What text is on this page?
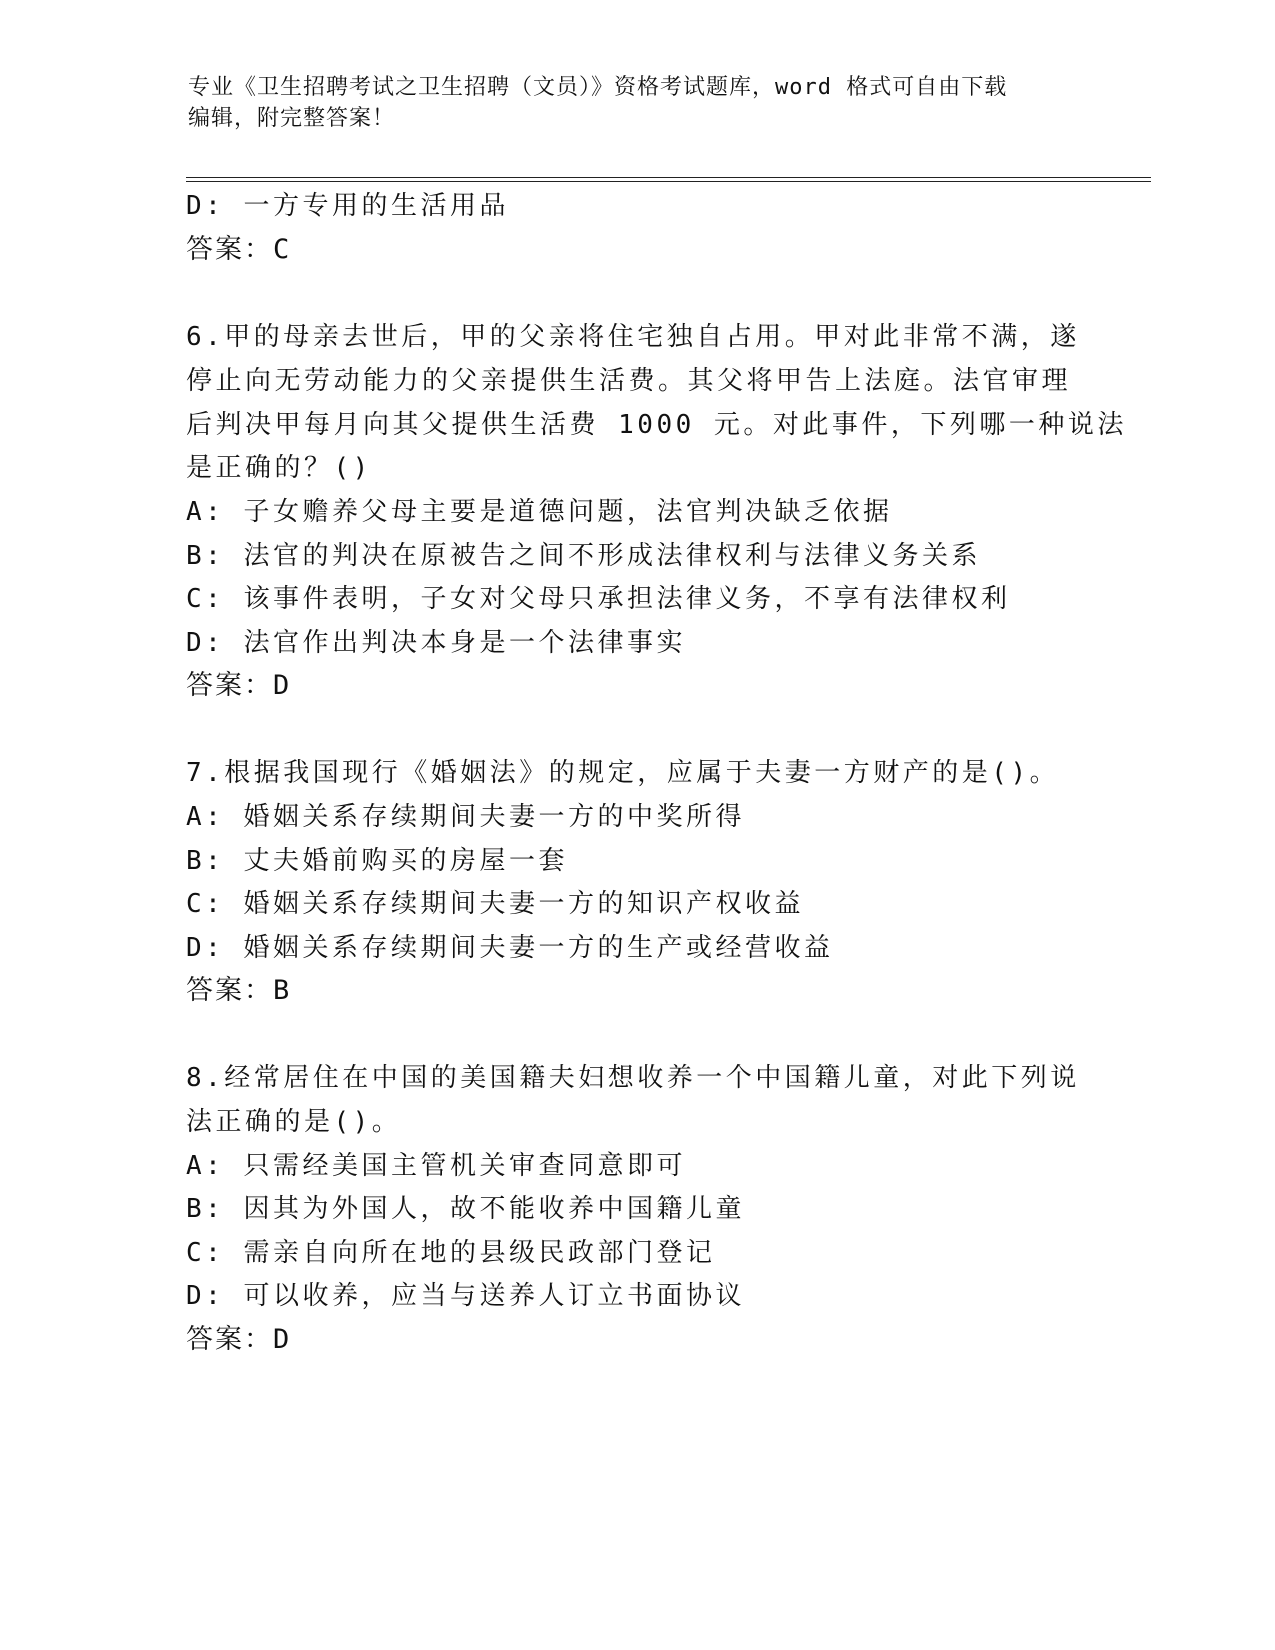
专业《卫生招聘考试之卫生招聘（文员）》资格考试题库，word 格式可自由下载
编辑，附完整答案！
D: 一方专用的生活用品
答案：C
6.甲的母亲去世后，甲的父亲将住宅独自占用。甲对此非常不满，遂
停止向无劳动能力的父亲提供生活费。其父将甲告上法庭。法官审理
后判决甲每月向其父提供生活费 1000 元。对此事件，下列哪一种说法
是正确的？()
A: 子女赡养父母主要是道德问题，法官判决缺乏依据
B: 法官的判决在原被告之间不形成法律权利与法律义务关系
C: 该事件表明，子女对父母只承担法律义务，不享有法律权利
D: 法官作出判决本身是一个法律事实
答案：D
7.根据我国现行《婚姻法》的规定，应属于夫妻一方财产的是()。
A: 婚姻关系存续期间夫妻一方的中奖所得
B: 丈夫婚前购买的房屋一套
C: 婚姻关系存续期间夫妻一方的知识产权收益
D: 婚姻关系存续期间夫妻一方的生产或经营收益
答案：B
8.经常居住在中国的美国籍夫妇想收养一个中国籍儿童，对此下列说
法正确的是()。
A: 只需经美国主管机关审查同意即可
B: 因其为外国人，故不能收养中国籍儿童
C: 需亲自向所在地的县级民政部门登记
D: 可以收养，应当与送养人订立书面协议
答案：D
